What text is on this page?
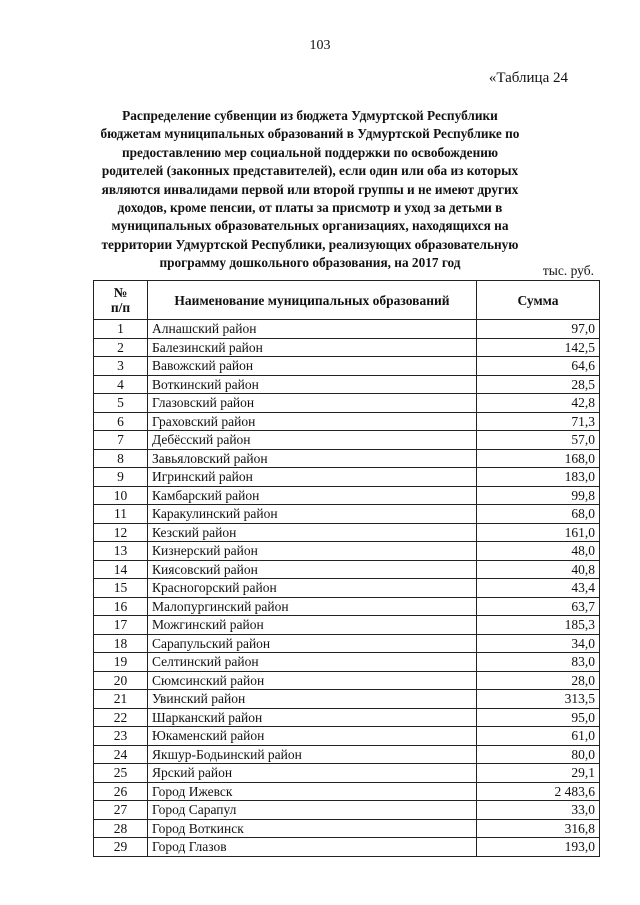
103
«Таблица 24
Распределение субвенции из бюджета Удмуртской Республики бюджетам муниципальных образований в Удмуртской Республике по предоставлению мер социальной поддержки по освобождению родителей (законных представителей), если один или оба из которых являются инвалидами первой или второй группы и не имеют других доходов, кроме пенсии, от платы за присмотр и уход за детьми в муниципальных образовательных организациях, находящихся на территории Удмуртской Республики, реализующих образовательную программу дошкольного образования, на 2017 год
тыс. руб.
№
п/п	Наименование муниципальных образований	Сумма
1	Алнашский район	97,0
2	Балезинский район	142,5
3	Вавожский район	64,6
4	Воткинский район	28,5
5	Глазовский район	42,8
6	Граховский район	71,3
7	Дебёсский район	57,0
8	Завьяловский район	168,0
9	Игринский район	183,0
10	Камбарский район	99,8
11	Каракулинский район	68,0
12	Кезский район	161,0
13	Кизнерский район	48,0
14	Киясовский район	40,8
15	Красногорский район	43,4
16	Малопургинский район	63,7
17	Можгинский район	185,3
18	Сарапульский район	34,0
19	Селтинский район	83,0
20	Сюмсинский район	28,0
21	Увинский район	313,5
22	Шарканский район	95,0
23	Юкаменский район	61,0
24	Якшур-Бодьинский район	80,0
25	Ярский район	29,1
26	Город Ижевск	2 483,6
27	Город Сарапул	33,0
28	Город Воткинск	316,8
29	Город Глазов	193,0
